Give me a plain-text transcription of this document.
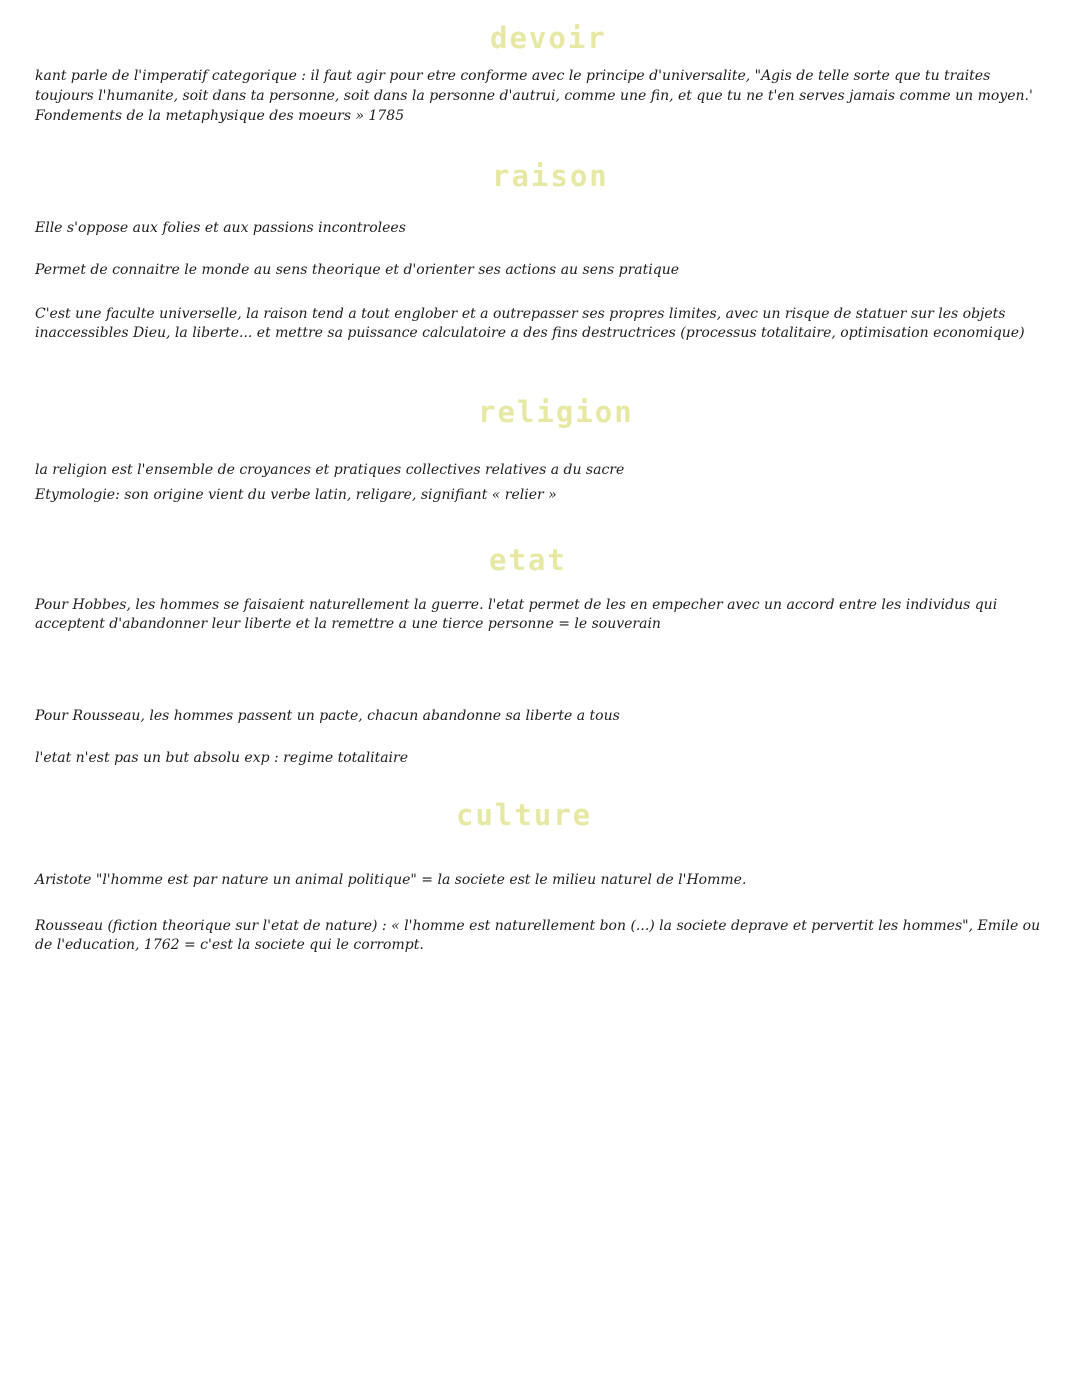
devoir

kant parle de l'imperatif categorique : il faut agir pour etre conforme avec le principe d'universalite, "Agis de telle sorte que tu traites toujours l'humanite, soit dans ta personne, soit dans la personne d'autrui, comme une fin, et que tu ne t'en serves jamais comme un moyen.' Fondements de la metaphysique des moeurs » 1785

raison

Elle s'oppose aux folies et aux passions incontrolees

Permet de connaitre le monde au sens theorique et d'orienter ses actions au sens pratique

C'est une faculte universelle, la raison tend a tout englober et a outrepasser ses propres limites, avec un risque de statuer sur les objets inaccessibles Dieu, la liberte... et mettre sa puissance calculatoire a des fins destructrices (processus totalitaire, optimisation economique)

religion

la religion est l'ensemble de croyances et pratiques collectives relatives a du sacre

Etymologie: son origine vient du verbe latin, religare, signifiant « relier »

etat

Pour Hobbes, les hommes se faisaient naturellement la guerre. l'etat permet de les en empecher avec un accord entre les individus qui acceptent d'abandonner leur liberte et la remettre a une tierce personne = le souverain

Pour Rousseau, les hommes passent un pacte, chacun abandonne sa liberte a tous

l'etat n'est pas un but absolu exp : regime totalitaire

culture

Aristote "l'homme est par nature un animal politique" = la societe est le milieu naturel de l'Homme.

Rousseau (fiction theorique sur l'etat de nature) : « l'homme est naturellement bon (...) la societe deprave et pervertit les hommes", Emile ou de l'education, 1762 = c'est la societe qui le corrompt.
